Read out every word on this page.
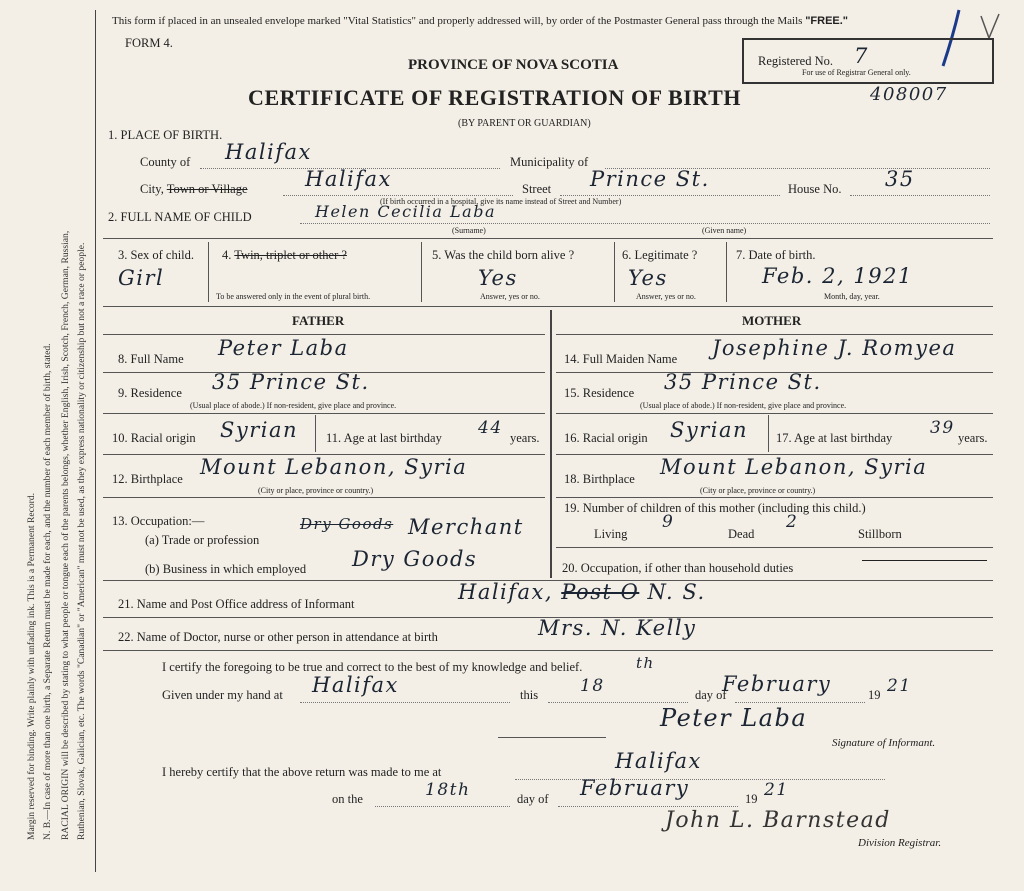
Margin reserved for binding. Write plainly with unfading ink. This is a Permanent Record. N. B.—In case of more than one birth, a Separate Return must be made for each, and the number of each member of birth, stated. RACIAL ORIGIN will be described by stating to what people or tongue each of the parents belongs, whether English, Irish, Scotch, French, German, Russian, Ruthenian, Slovak, Galician, etc. The words "Canadian" or "American" must not be used, as they express nationality or citizenship but not a race or people.
This form if placed in an unsealed envelope marked "Vital Statistics" and properly addressed will, by order of the Postmaster General pass through the Mails "FREE."
FORM 4.
PROVINCE OF NOVA SCOTIA
CERTIFICATE OF REGISTRATION OF BIRTH
(BY PARENT OR GUARDIAN)
408007
Registered No. 7
For use of Registrar General only.
1. PLACE OF BIRTH.
County of Halifax	Municipality of
City, Town or Village	Halifax	Street Prince St.
(If birth occurred in a hospital, give its name instead of Street and Number)
House No. 35
2. FULL NAME OF CHILD	Helen Cecilia Laba
(Surname)	(Given name)
3. Sex of child.
Girl
4. Twin, triplet or other ?
To be answered only in the event of plural birth.
5. Was the child born alive ?
Yes
Answer, yes or no.
6. Legitimate ?
Yes
Answer, yes or no.
7. Date of birth.
Feb. 2, 1921
Month, day, year.
FATHER	MOTHER
8. Full Name Peter Laba
9. Residence 35 Prince St.
(Usual place of abode.) If non-resident, give place and province.
10. Racial origin Syrian 11. Age at last birthday 44 years.
12. Birthplace Mount Lebanon, Syria
(City or place, province or country.)
13. Occupation:—
(a) Trade or profession
Dry Goods Merchant
(b) Business in which employed Dry Goods
14. Full Maiden Name Josephine J. Romyea
15. Residence 35 Prince St.
(Usual place of abode.) If non-resident, give place and province.
16. Racial origin Syrian 17. Age at last birthday 39 years.
18. Birthplace Mount Lebanon, Syria
(City or place, province or country.)
19. Number of children of this mother (including this child.)
Living
9
Dead
2
Stillborn
20. Occupation, if other than household duties
21. Name and Post Office address of Informant	Halifax, Post O N. S.
22. Name of Doctor, nurse or other person in attendance at birth	Mrs. N. Kelly
I certify the foregoing to be true and correct to the best of my knowledge and belief.
Given under my hand at Halifax	this 18
th
day of
February	19 21
Peter Laba
Signature of Informant.
I hereby certify that the above return was made to me at	Halifax
on the	18th	day of February	19 21
John L. Barnstead
Division Registrar.
